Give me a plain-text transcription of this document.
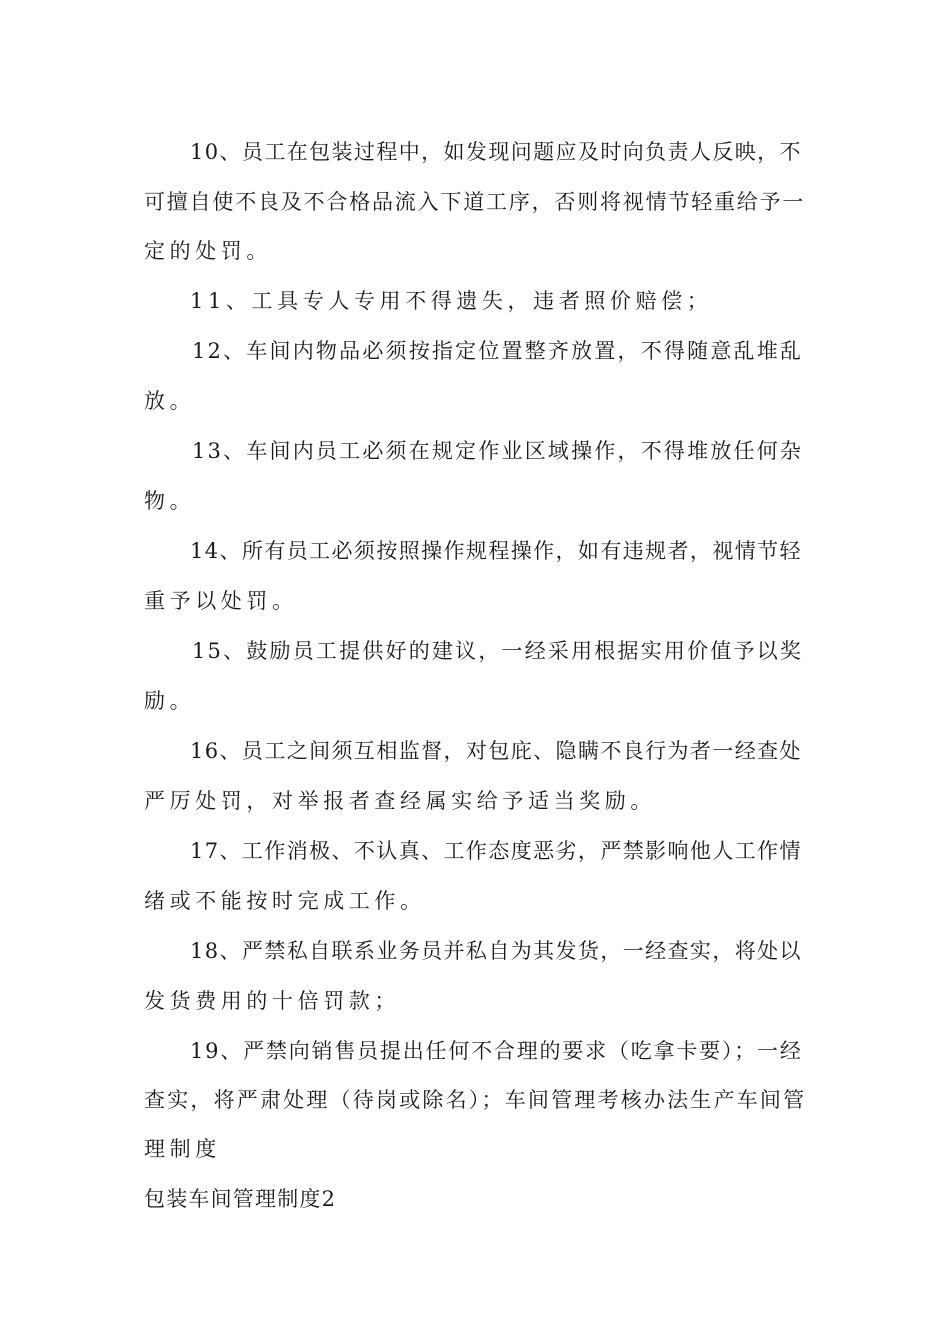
10、员工在包装过程中，如发现问题应及时向负责人反映，不
可擅自使不良及不合格品流入下道工序，否则将视情节轻重给予一
定的处罚。
11、工具专人专用不得遗失，违者照价赔偿；
12、车间内物品必须按指定位置整齐放置，不得随意乱堆乱
放。
13、车间内员工必须在规定作业区域操作，不得堆放任何杂
物。
14、所有员工必须按照操作规程操作，如有违规者，视情节轻
重予以处罚。
15、鼓励员工提供好的建议，一经采用根据实用价值予以奖
励。
16、员工之间须互相监督，对包庇、隐瞒不良行为者一经查处
严厉处罚，对举报者查经属实给予适当奖励。
17、工作消极、不认真、工作态度恶劣，严禁影响他人工作情
绪或不能按时完成工作。
18、严禁私自联系业务员并私自为其发货，一经查实，将处以
发货费用的十倍罚款；
19、严禁向销售员提出任何不合理的要求（吃拿卡要）；一经
查实，将严肃处理（待岗或除名）；车间管理考核办法生产车间管
理制度
包装车间管理制度2
